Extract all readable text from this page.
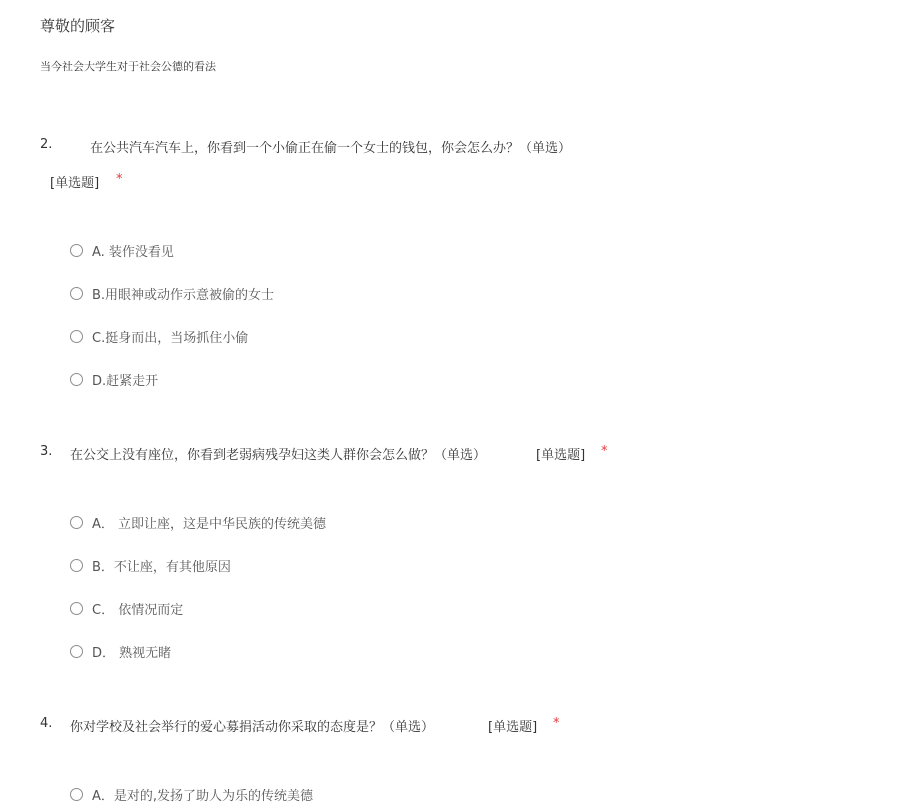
尊敬的顾客
当今社会大学生对于社会公德的看法
2.	在公共汽车汽车上，你看到一个小偷正在偷一个女士的钱包，你会怎么办？（单选）
[单选题] *
A. 装作没看见
B.用眼神或动作示意被偷的女士
C.挺身而出，当场抓住小偷
D.赶紧走开
3. 在公交上没有座位，你看到老弱病残孕妇这类人群你会怎么做？（单选）	[单选题] *
A． 立即让座，这是中华民族的传统美德
B．不让座，有其他原因
C． 依情况而定
D． 熟视无睹
4. 你对学校及社会举行的爱心募捐活动你采取的态度是？（单选）	[单选题] *
A．是对的,发扬了助人为乐的传统美德
